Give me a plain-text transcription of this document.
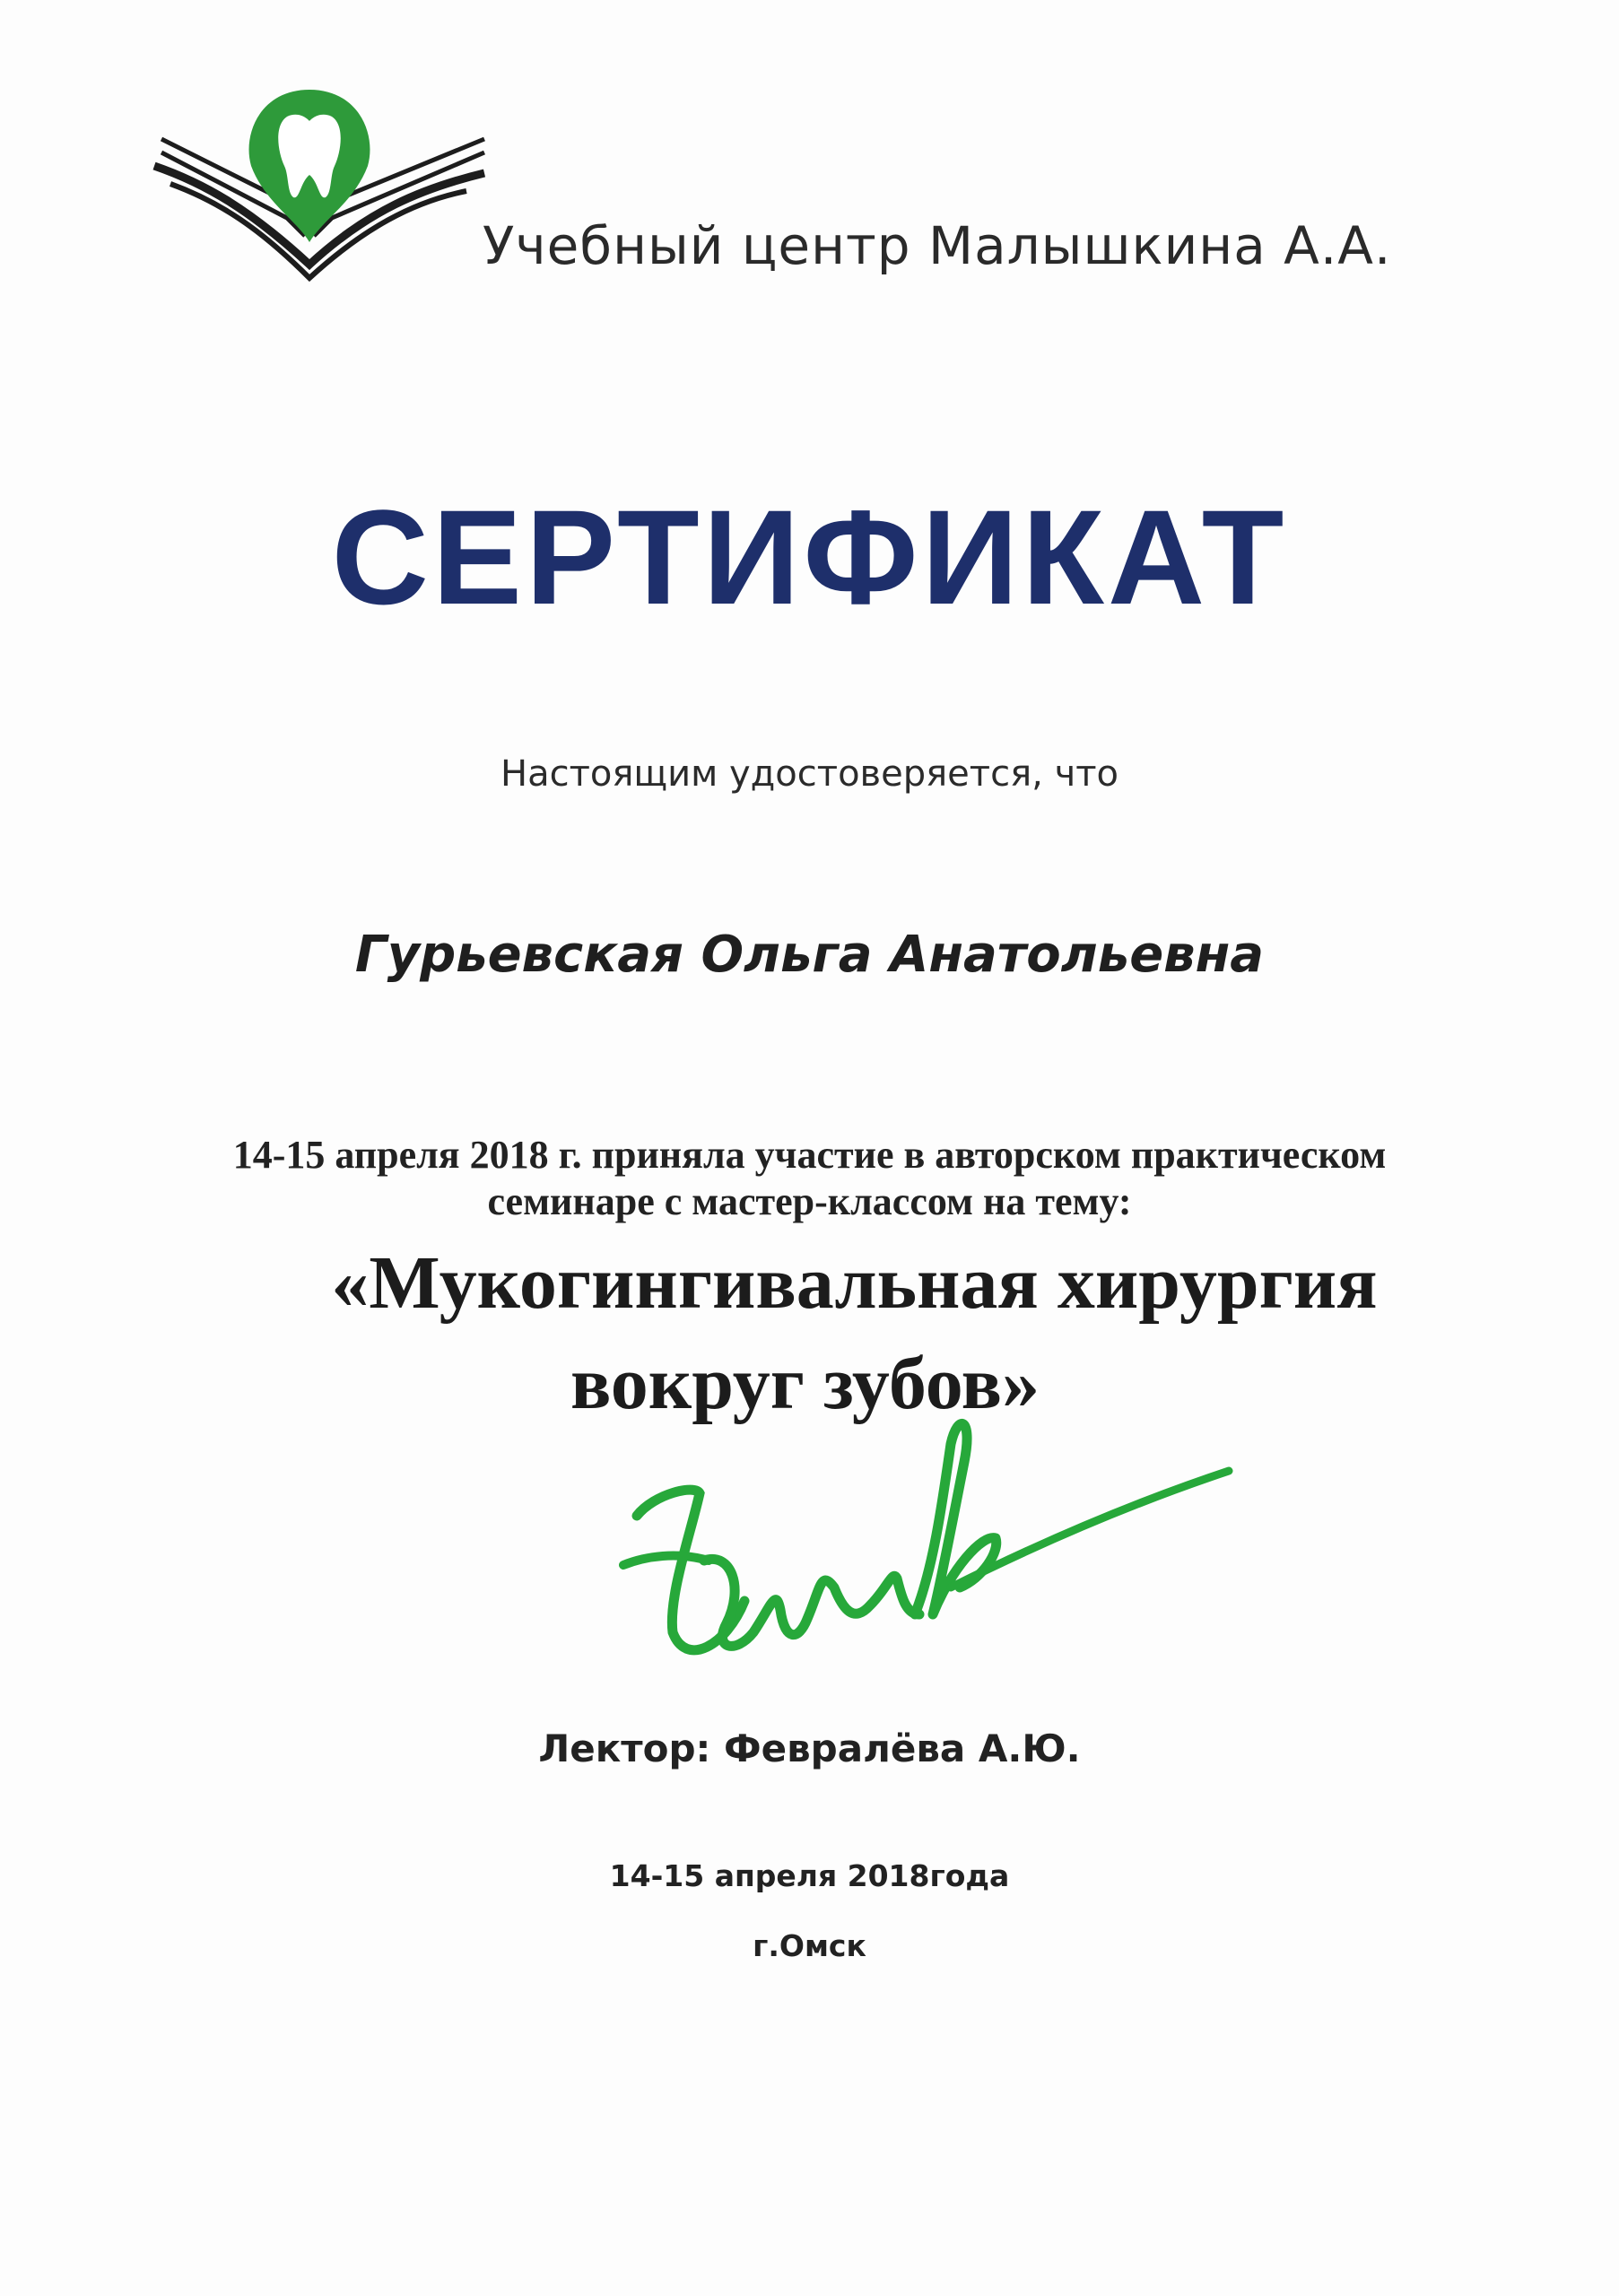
Учебный центр Малышкина А.А.
СЕРТИФИКАТ
Настоящим удостоверяется, что
Гурьевская Ольга Анатольевна
14-15 апреля 2018 г. приняла участие в авторском практическом
семинаре с мастер-классом на тему:
«Мукогингивальная хирургия
вокруг зубов»
Лектор: Февралёва А.Ю.
14-15 апреля 2018года
г.Омск
